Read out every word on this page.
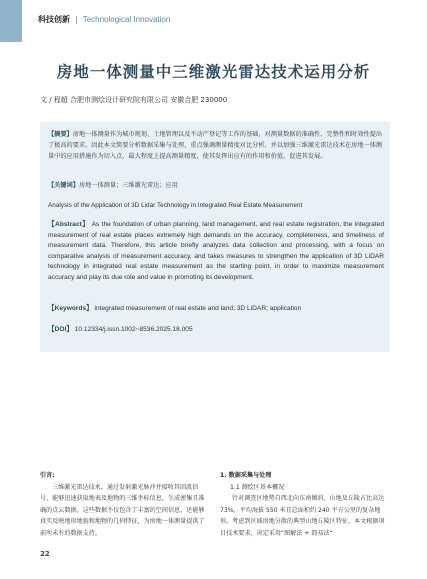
科技创新 | Technological Innovation
房地一体测量中三维激光雷达技术运用分析
文 / 程超 合肥市测绘设计研究院有限公司 安徽合肥 230000
【摘要】房地一体测量作为城市规划、土地管理以及不动产登记等工作的基础，对测量数据的准确性、完整性和时效性提出了极高的要求。因此本文简要分析数据采集与处理，重点强调测量精度对比分析，并以加强三维激光雷达技术在房地一体测量中的应用措施作为切入点，最大程度上提高测量精度，使其发挥出应有的作用和价值，促进其发展。
【关键词】房地一体测量；三维激光雷达；应用
Analysis of the Application of 3D Lidar Technology in Integrated Real Estate Measurement
【Abstract】 As the foundation of urban planning, land management, and real estate registration, the integrated measurement of real estate places extremely high demands on the accuracy, completeness, and timeliness of measurement data. Therefore, this article briefly analyzes data collection and processing, with a focus on comparative analysis of measurement accuracy, and takes measures to strengthen the application of 3D LiDAR technology in integrated real estate measurement as the starting point, in order to maximize measurement accuracy and play its due role and value in promoting its development.
【Keywords】 integrated measurement of real estate and land; 3D LiDAR; application
【DOI】 10.12334/j.issn.1002~8536.2025.18.005
引言:
三维激光雷达技术，通过发射激光脉冲并接收其回波信号，能够迅速获取地表及地物的三维坐标信息，生成密集且准确的点云数据。这些数据不仅包含了丰富的空间信息，还能够真实反映地形地貌和地物的几何特征，为房地一体测量提供了前所未有的数据支持。
1. 数据采集与处理
1.1 测绘区基本概况
针对调查区地势自西北向东南倾斜，山地及丘陵占比高达 73%，平均海拔 550 米且总面积约 240 平方公里的复杂地形。考虑到区域房地分散的典型山地丘陵区特征，本文根据项目技术要求，决定采用“图解法 + 简易法”
22
